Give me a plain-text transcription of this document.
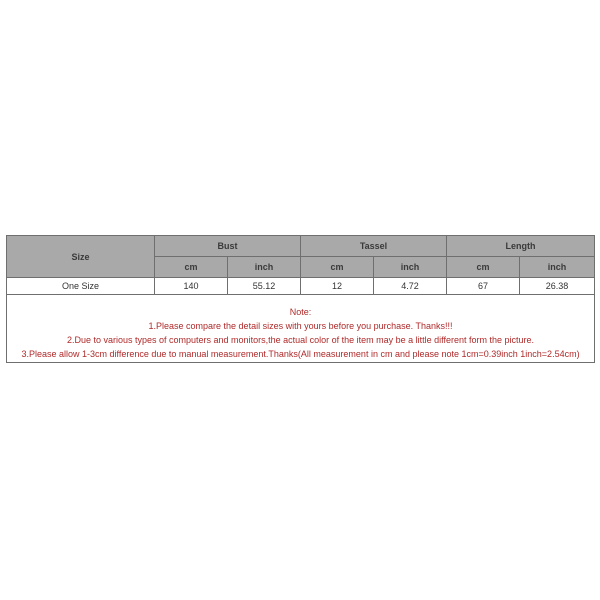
Size	Bust		Tassel		Length	
	cm	inch	cm	inch	cm	inch
One Size	140	55.12	12	4.72	67	26.38

Note:
1.Please compare the detail sizes with yours before you purchase. Thanks!!!
2.Due to various types of computers and monitors,the actual color of the item may be a little different form the picture.
3.Please allow 1-3cm difference due to manual measurement.Thanks(All measurement in cm and please note 1cm=0.39inch 1inch=2.54cm)						
